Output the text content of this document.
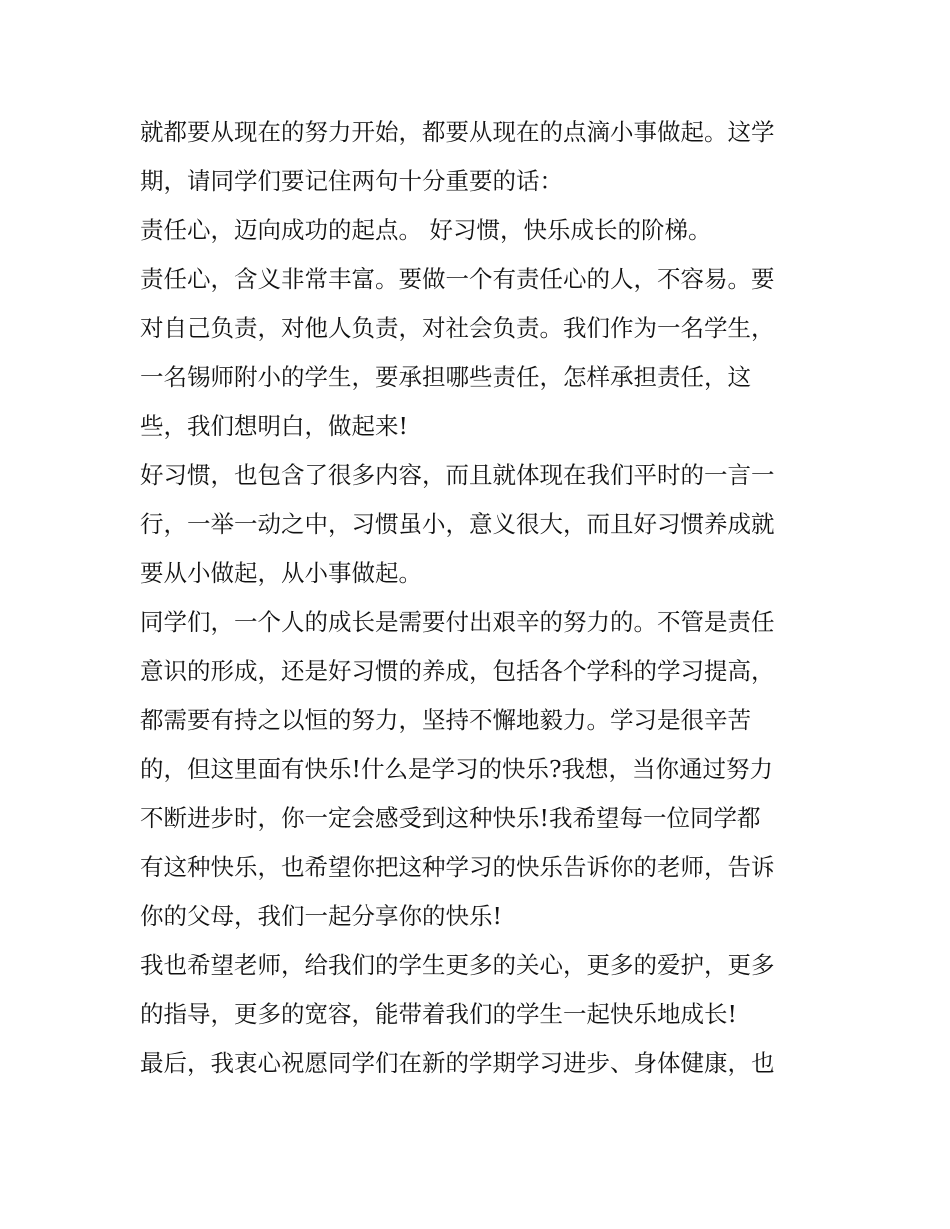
就都要从现在的努力开始，都要从现在的点滴小事做起。这学
期，请同学们要记住两句十分重要的话：
责任心，迈向成功的起点。 好习惯，快乐成长的阶梯。
责任心，含义非常丰富。要做一个有责任心的人，不容易。要
对自己负责，对他人负责，对社会负责。我们作为一名学生，
一名锡师附小的学生，要承担哪些责任，怎样承担责任，这
些，我们想明白，做起来!
好习惯，也包含了很多内容，而且就体现在我们平时的一言一
行，一举一动之中，习惯虽小，意义很大，而且好习惯养成就
要从小做起，从小事做起。
同学们，一个人的成长是需要付出艰辛的努力的。不管是责任
意识的形成，还是好习惯的养成，包括各个学科的学习提高，
都需要有持之以恒的努力，坚持不懈地毅力。学习是很辛苦
的，但这里面有快乐!什么是学习的快乐?我想，当你通过努力
不断进步时，你一定会感受到这种快乐!我希望每一位同学都
有这种快乐，也希望你把这种学习的快乐告诉你的老师，告诉
你的父母，我们一起分享你的快乐!
我也希望老师，给我们的学生更多的关心，更多的爱护，更多
的指导，更多的宽容，能带着我们的学生一起快乐地成长!
最后，我衷心祝愿同学们在新的学期学习进步、身体健康，也
